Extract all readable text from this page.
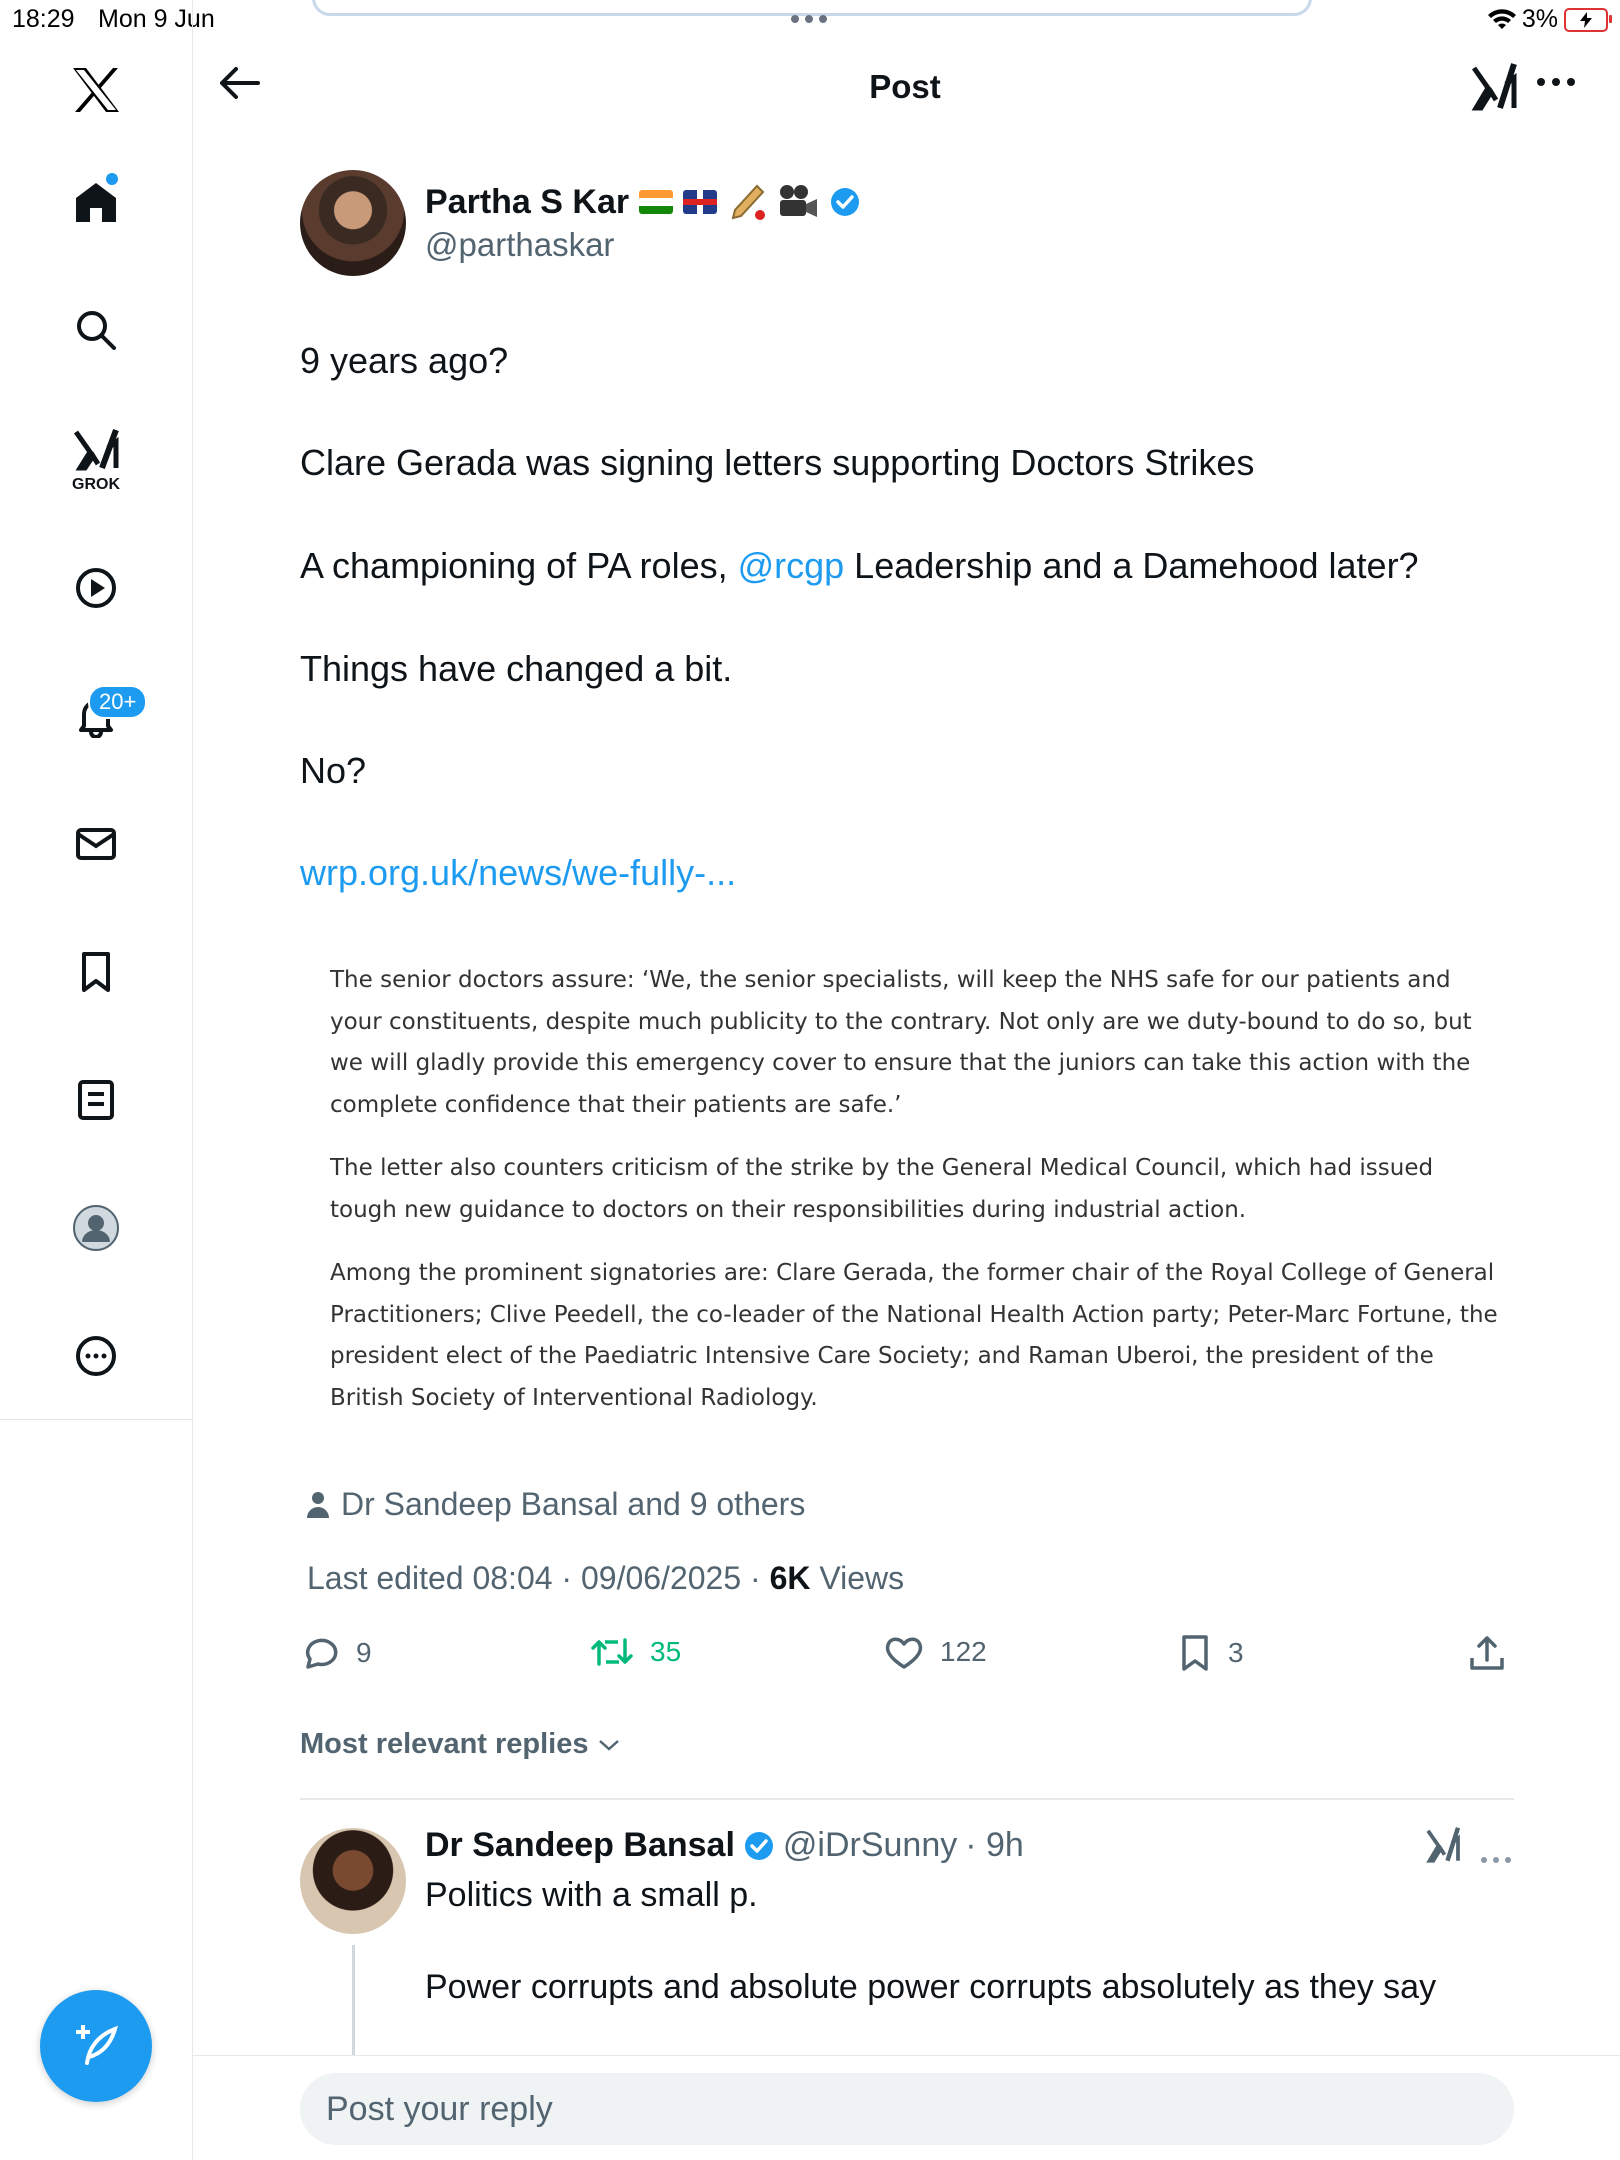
18:29 Mon 9 Jun	3%
GROK
20+
Post
Partha S Kar
@parthaskar
9 years ago?
Clare Gerada was signing letters supporting Doctors Strikes
A championing of PA roles, @rcgp Leadership and a Damehood later?
Things have changed a bit.
No?
wrp.org.uk/news/we-fully-...

The senior doctors assure: ‘We, the senior specialists, will keep the NHS safe for our patients and your constituents, despite much publicity to the contrary. Not only are we duty-bound to do so, but we will gladly provide this emergency cover to ensure that the juniors can take this action with the complete confidence that their patients are safe.’

The letter also counters criticism of the strike by the General Medical Council, which had issued tough new guidance to doctors on their responsibilities during industrial action.

Among the prominent signatories are: Clare Gerada, the former chair of the Royal College of General Practitioners; Clive Peedell, the co-leader of the National Health Action party; Peter-Marc Fortune, the president elect of the Paediatric Intensive Care Society; and Raman Uberoi, the president of the British Society of Interventional Radiology.

Dr Sandeep Bansal and 9 others
Last edited 08:04 · 09/06/2025 · 6K Views
9	35	122	3
Most relevant replies
Dr Sandeep Bansal @iDrSunny · 9h
Politics with a small p.
Power corrupts and absolute power corrupts absolutely as they say
Post your reply
